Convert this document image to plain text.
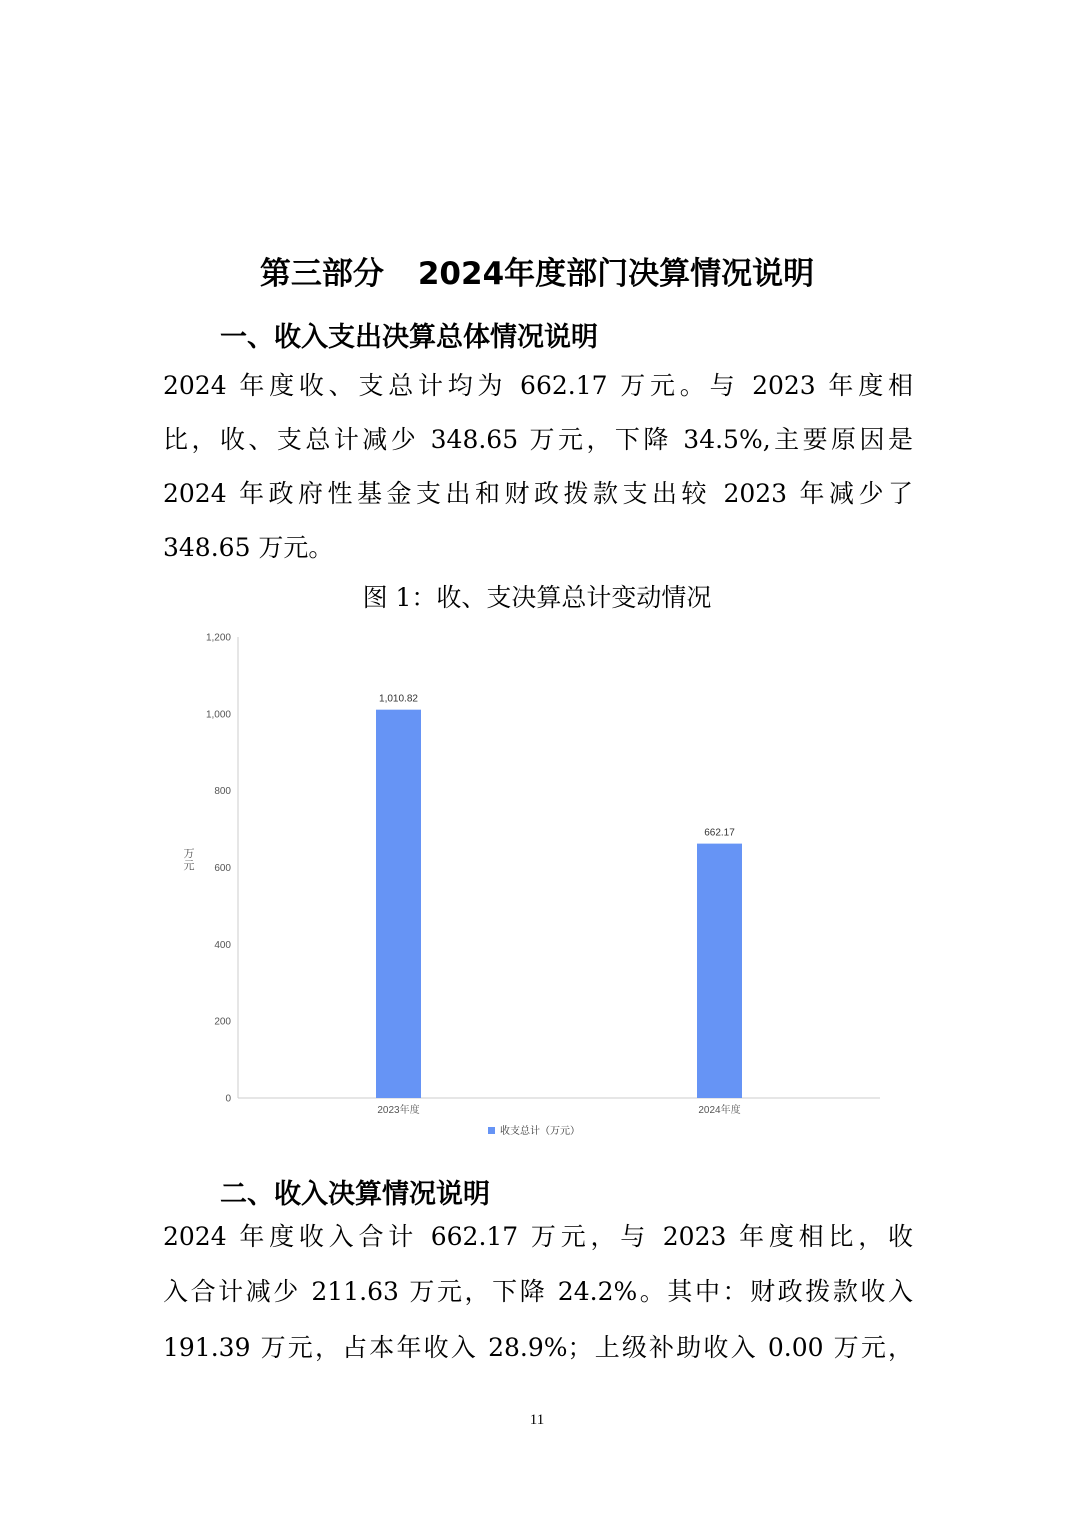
第三部分 2024年度部门决算情况说明
一、收入支出决算总体情况说明

2024 年度收、支总计均为 662.17 万元。与 2023 年度相

比，收、支总计减少 348.65 万元，下降 34.5%,主要原因是

2024 年政府性基金支出和财政拨款支出较 2023 年减少了

348.65 万元。

图 1：收、支决算总计变动情况

0
200
400
600
800
1,000
1,200
万
元
1,010.82
2023年度
662.17
2024年度
收支总计（万元）
二、收入决算情况说明

2024 年度收入合计 662.17 万元，与 2023 年度相比，收

入合计减少 211.63 万元，下降 24.2%。其中：财政拨款收入

191.39 万元，占本年收入 28.9%；上级补助收入 0.00 万元，

11
